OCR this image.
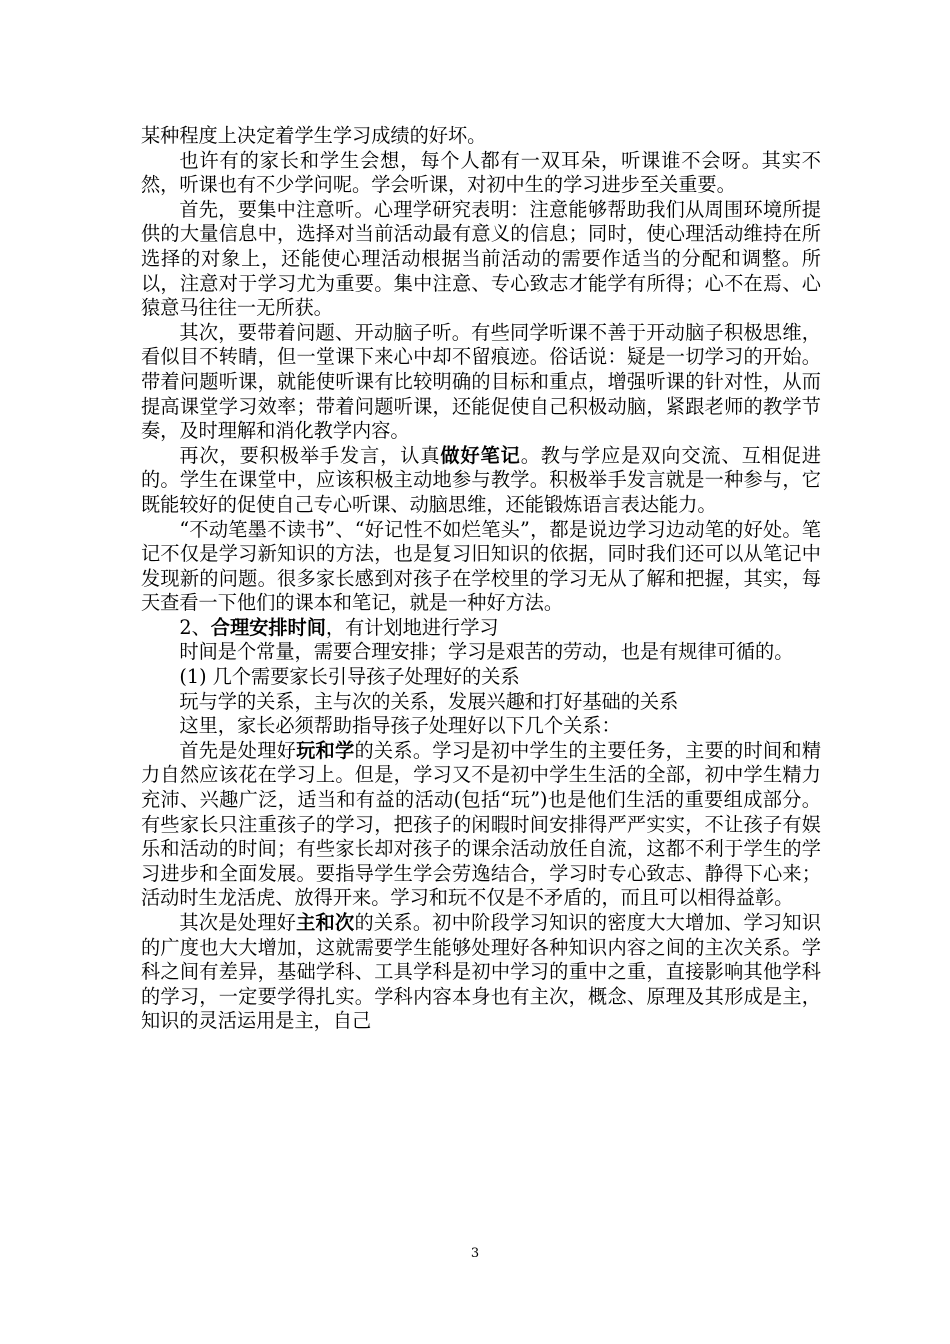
某种程度上决定着学生学习成绩的好坏。

也许有的家长和学生会想，每个人都有一双耳朵，听课谁不会呀。其实不然，听课也有不少学问呢。学会听课，对初中生的学习进步至关重要。

首先，要集中注意听。心理学研究表明：注意能够帮助我们从周围环境所提供的大量信息中，选择对当前活动最有意义的信息；同时，使心理活动维持在所选择的对象上，还能使心理活动根据当前活动的需要作适当的分配和调整。所以，注意对于学习尤为重要。集中注意、专心致志才能学有所得；心不在焉、心猿意马往往一无所获。

其次，要带着问题、开动脑子听。有些同学听课不善于开动脑子积极思维，看似目不转睛，但一堂课下来心中却不留痕迹。俗话说：疑是一切学习的开始。带着问题听课，就能使听课有比较明确的目标和重点，增强听课的针对性，从而提高课堂学习效率；带着问题听课，还能促使自己积极动脑，紧跟老师的教学节奏，及时理解和消化教学内容。

再次，要积极举手发言，认真做好笔记。教与学应是双向交流、互相促进的。学生在课堂中，应该积极主动地参与教学。积极举手发言就是一种参与，它既能较好的促使自己专心听课、动脑思维，还能锻炼语言表达能力。

“不动笔墨不读书”、“好记性不如烂笔头”，都是说边学习边动笔的好处。笔记不仅是学习新知识的方法，也是复习旧知识的依据，同时我们还可以从笔记中发现新的问题。很多家长感到对孩子在学校里的学习无从了解和把握，其实，每天查看一下他们的课本和笔记，就是一种好方法。

2、合理安排时间，有计划地进行学习

时间是个常量，需要合理安排；学习是艰苦的劳动，也是有规律可循的。

(1) 几个需要家长引导孩子处理好的关系

玩与学的关系，主与次的关系，发展兴趣和打好基础的关系

这里，家长必须帮助指导孩子处理好以下几个关系：

首先是处理好玩和学的关系。学习是初中学生的主要任务，主要的时间和精力自然应该花在学习上。但是，学习又不是初中学生生活的全部，初中学生精力充沛、兴趣广泛，适当和有益的活动(包括“玩”)也是他们生活的重要组成部分。有些家长只注重孩子的学习，把孩子的闲暇时间安排得严严实实，不让孩子有娱乐和活动的时间；有些家长却对孩子的课余活动放任自流，这都不利于学生的学习进步和全面发展。要指导学生学会劳逸结合，学习时专心致志、静得下心来；活动时生龙活虎、放得开来。学习和玩不仅是不矛盾的，而且可以相得益彰。

其次是处理好主和次的关系。初中阶段学习知识的密度大大增加、学习知识的广度也大大增加，这就需要学生能够处理好各种知识内容之间的主次关系。学科之间有差异，基础学科、工具学科是初中学习的重中之重，直接影响其他学科的学习，一定要学得扎实。学科内容本身也有主次，概念、原理及其形成是主，知识的灵活运用是主，自己

3
